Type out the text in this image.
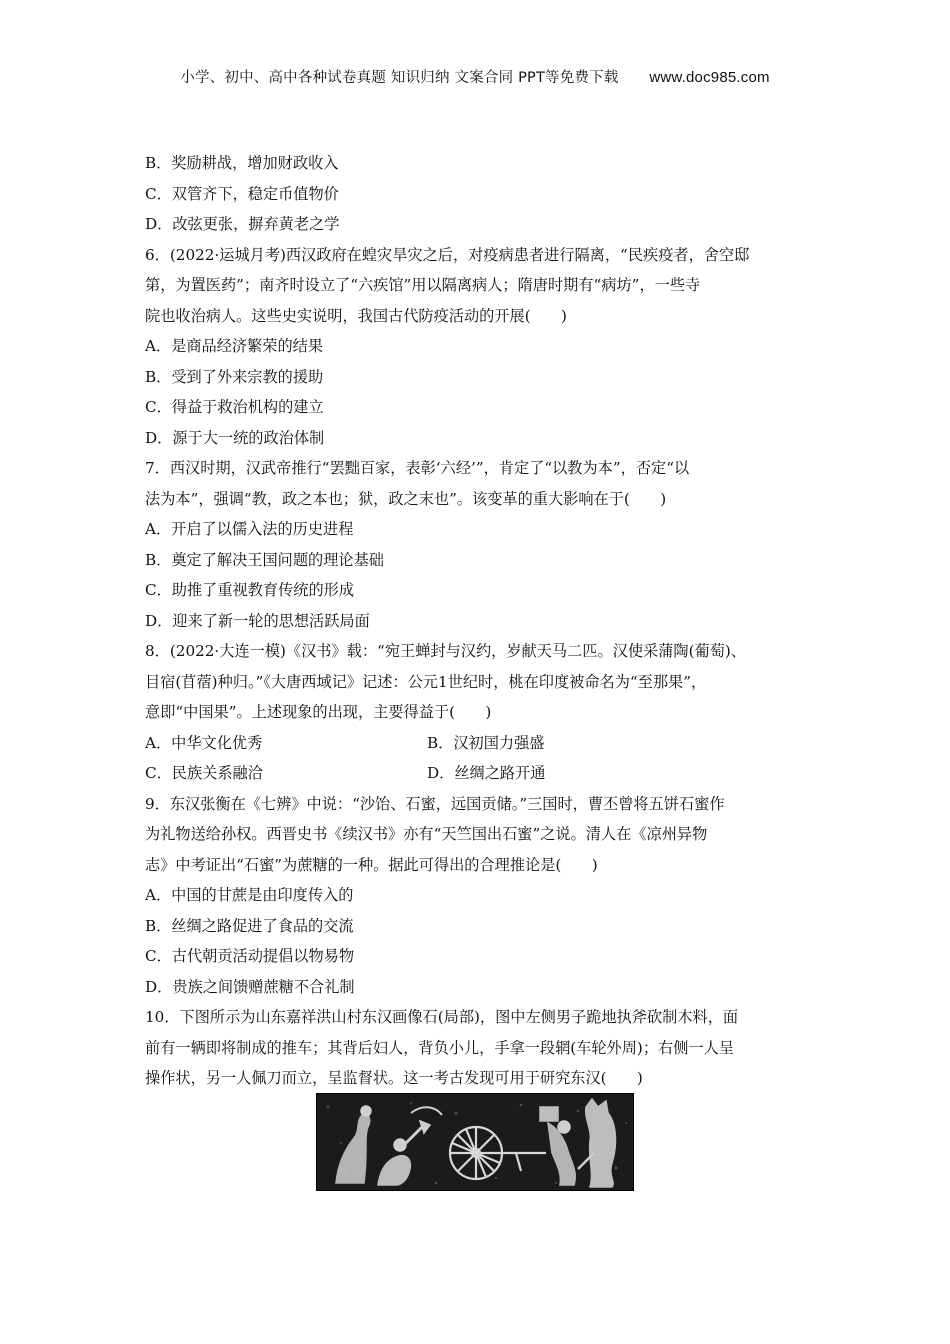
小学、初中、高中各种试卷真题 知识归纳 文案合同 PPT等免费下载 www.doc985.com
B．奖励耕战，增加财政收入
C．双管齐下，稳定币值物价
D．改弦更张，摒弃黄老之学
6．(2022·运城月考)西汉政府在蝗灾旱灾之后，对疫病患者进行隔离，“民疾疫者，舍空邸
第，为置医药”；南齐时设立了“六疾馆”用以隔离病人；隋唐时期有“病坊”，一些寺
院也收治病人。这些史实说明，我国古代防疫活动的开展(　　)
A．是商品经济繁荣的结果
B．受到了外来宗教的援助
C．得益于救治机构的建立
D．源于大一统的政治体制
7．西汉时期，汉武帝推行“罢黜百家，表彰‘六经’”，肯定了“以教为本”，否定“以
法为本”，强调“教，政之本也；狱，政之末也”。该变革的重大影响在于(　　)
A．开启了以儒入法的历史进程
B．奠定了解决王国问题的理论基础
C．助推了重视教育传统的形成
D．迎来了新一轮的思想活跃局面
8．(2022·大连一模)《汉书》载：“宛王蝉封与汉约，岁献天马二匹。汉使采蒲陶(葡萄)、
目宿(苜蓿)种归。”《大唐西域记》记述：公元1世纪时，桃在印度被命名为“至那果”，
意即“中国果”。上述现象的出现，主要得益于(　　)
A．中华文化优秀	B．汉初国力强盛
C．民族关系融洽	D．丝绸之路开通
9．东汉张衡在《七辨》中说：“沙饴、石蜜，远国贡储。”三国时，曹丕曾将五饼石蜜作
为礼物送给孙权。西晋史书《续汉书》亦有“天竺国出石蜜”之说。清人在《凉州异物
志》中考证出“石蜜”为蔗糖的一种。据此可得出的合理推论是(　　)
A．中国的甘蔗是由印度传入的
B．丝绸之路促进了食品的交流
C．古代朝贡活动提倡以物易物
D．贵族之间馈赠蔗糖不合礼制
10．下图所示为山东嘉祥洪山村东汉画像石(局部)，图中左侧男子跪地执斧砍制木料，面
前有一辆即将制成的推车；其背后妇人，背负小儿，手拿一段辋(车轮外周)；右侧一人呈
操作状，另一人佩刀而立，呈监督状。这一考古发现可用于研究东汉(　　)
